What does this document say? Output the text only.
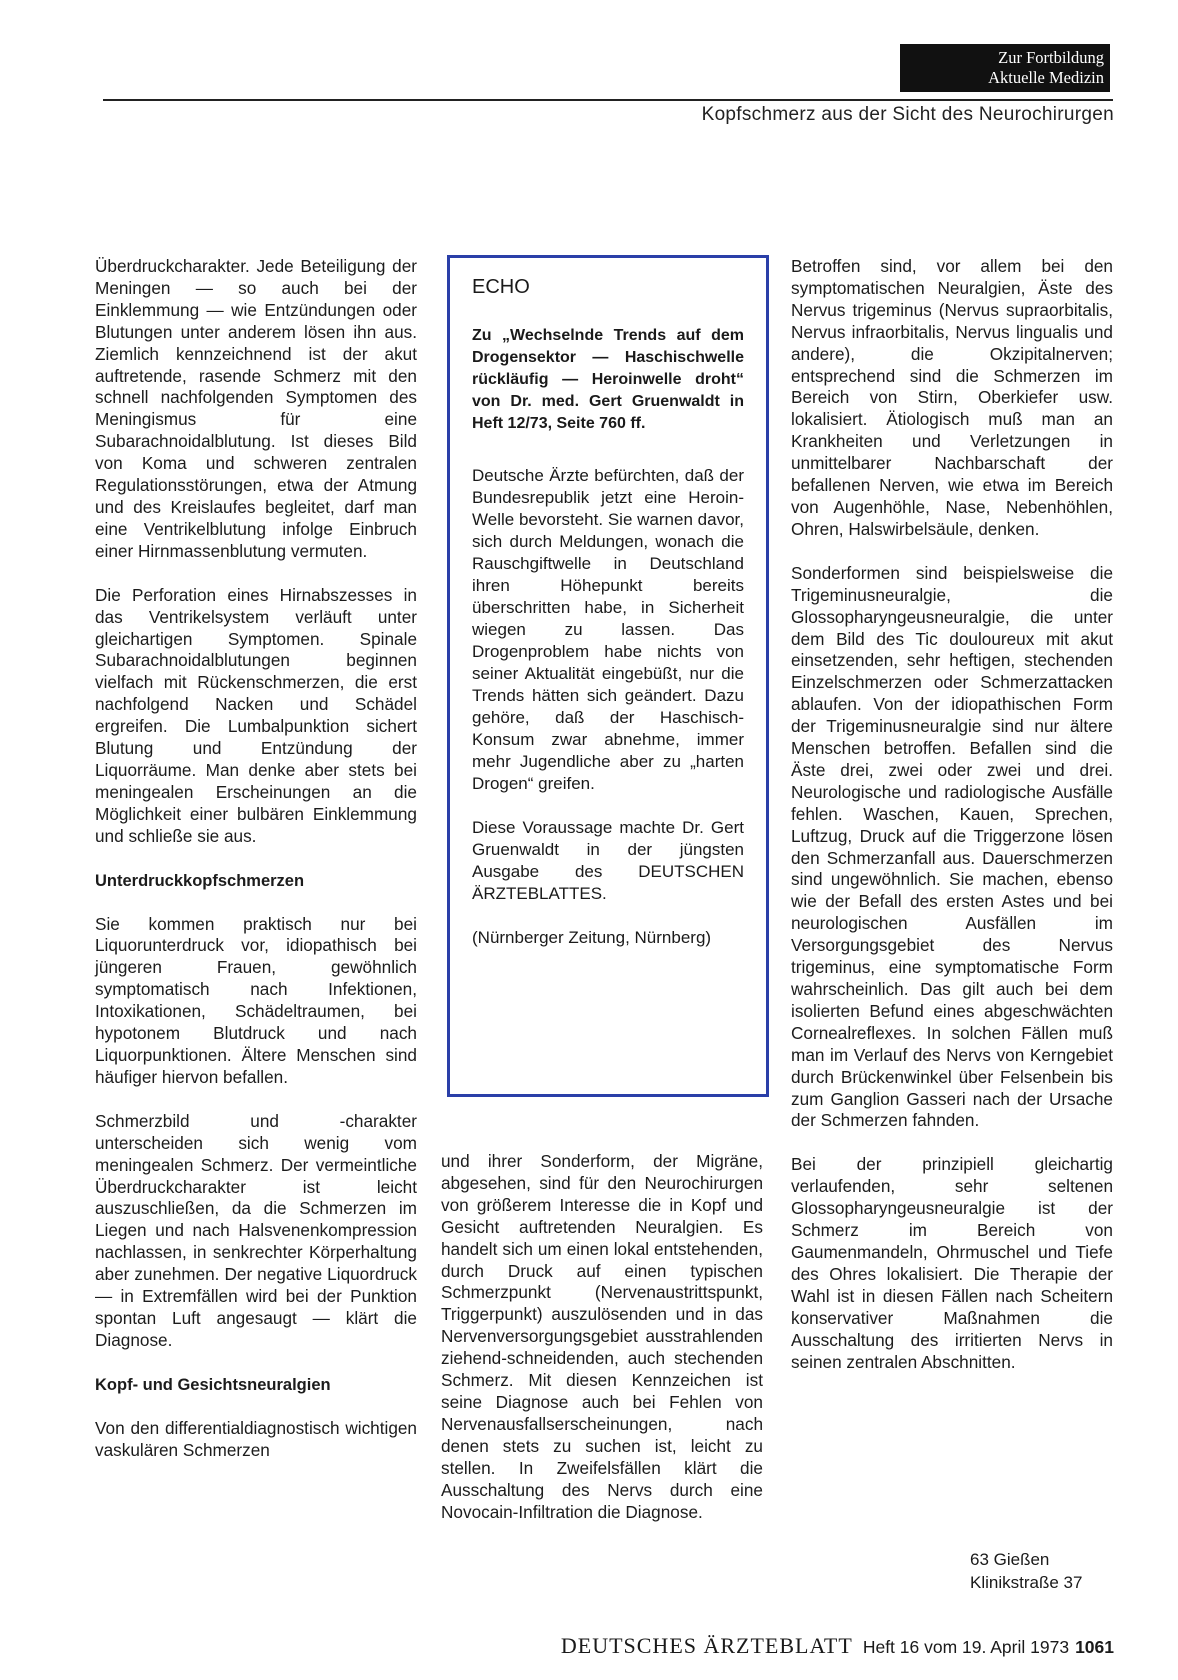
Zur Fortbildung
Aktuelle Medizin
Kopfschmerz aus der Sicht des Neurochirurgen

Überdruckcharakter. Jede Beteiligung der Meningen — so auch bei der Einklemmung — wie Entzündungen oder Blutungen unter anderem lösen ihn aus. Ziemlich kennzeichnend ist der akut auftretende, rasende Schmerz mit den schnell nachfolgenden Symptomen des Meningismus für eine Subarachnoidalblutung. Ist dieses Bild von Koma und schweren zentralen Regulationsstörungen, etwa der Atmung und des Kreislaufes begleitet, darf man eine Ventrikelblutung infolge Einbruch einer Hirnmassenblutung vermuten.

Die Perforation eines Hirnabszesses in das Ventrikelsystem verläuft unter gleichartigen Symptomen. Spinale Subarachnoidalblutungen beginnen vielfach mit Rückenschmerzen, die erst nachfolgend Nacken und Schädel ergreifen. Die Lumbalpunktion sichert Blutung und Entzündung der Liquorräume. Man denke aber stets bei meningealen Erscheinungen an die Möglichkeit einer bulbären Einklemmung und schließe sie aus.

Unterdruckkopfschmerzen

Sie kommen praktisch nur bei Liquorunterdruck vor, idiopathisch bei jüngeren Frauen, gewöhnlich symptomatisch nach Infektionen, Intoxikationen, Schädeltraumen, bei hypotonem Blutdruck und nach Liquorpunktionen. Ältere Menschen sind häufiger hiervon befallen.

Schmerzbild und -charakter unterscheiden sich wenig vom meningealen Schmerz. Der vermeintliche Überdruckcharakter ist leicht auszuschließen, da die Schmerzen im Liegen und nach Halsvenenkompression nachlassen, in senkrechter Körperhaltung aber zunehmen. Der negative Liquordruck — in Extremfällen wird bei der Punktion spontan Luft angesaugt — klärt die Diagnose.

Kopf- und Gesichtsneuralgien

Von den differentialdiagnostisch wichtigen vaskulären Schmerzen

ECHO
Zu „Wechselnde Trends auf dem Drogensektor — Haschischwelle rückläufig — Heroinwelle droht“ von Dr. med. Gert Gruenwaldt in Heft 12/73, Seite 760 ff.

Deutsche Ärzte befürchten, daß der Bundesrepublik jetzt eine Heroin-Welle bevorsteht. Sie warnen davor, sich durch Meldungen, wonach die Rauschgiftwelle in Deutschland ihren Höhepunkt bereits überschritten habe, in Sicherheit wiegen zu lassen. Das Drogenproblem habe nichts von seiner Aktualität eingebüßt, nur die Trends hätten sich geändert. Dazu gehöre, daß der Haschisch-Konsum zwar abnehme, immer mehr Jugendliche aber zu „harten Drogen“ greifen.

Diese Voraussage machte Dr. Gert Gruenwaldt in der jüngsten Ausgabe des DEUTSCHEN ÄRZTEBLATTES.

(Nürnberger Zeitung, Nürnberg)

und ihrer Sonderform, der Migräne, abgesehen, sind für den Neurochirurgen von größerem Interesse die in Kopf und Gesicht auftretenden Neuralgien. Es handelt sich um einen lokal entstehenden, durch Druck auf einen typischen Schmerzpunkt (Nervenaustrittspunkt, Triggerpunkt) auszulösenden und in das Nervenversorgungsgebiet ausstrahlenden ziehend-schneidenden, auch stechenden Schmerz. Mit diesen Kennzeichen ist seine Diagnose auch bei Fehlen von Nervenausfallserscheinungen, nach denen stets zu suchen ist, leicht zu stellen. In Zweifelsfällen klärt die Ausschaltung des Nervs durch eine Novocain-Infiltration die Diagnose.

Betroffen sind, vor allem bei den symptomatischen Neuralgien, Äste des Nervus trigeminus (Nervus supraorbitalis, Nervus infraorbitalis, Nervus lingualis und andere), die Okzipitalnerven; entsprechend sind die Schmerzen im Bereich von Stirn, Oberkiefer usw. lokalisiert. Ätiologisch muß man an Krankheiten und Verletzungen in unmittelbarer Nachbarschaft der befallenen Nerven, wie etwa im Bereich von Augenhöhle, Nase, Nebenhöhlen, Ohren, Halswirbelsäule, denken.

Sonderformen sind beispielsweise die Trigeminusneuralgie, die Glossopharyngeusneuralgie, die unter dem Bild des Tic douloureux mit akut einsetzenden, sehr heftigen, stechenden Einzelschmerzen oder Schmerzattacken ablaufen. Von der idiopathischen Form der Trigeminusneuralgie sind nur ältere Menschen betroffen. Befallen sind die Äste drei, zwei oder zwei und drei. Neurologische und radiologische Ausfälle fehlen. Waschen, Kauen, Sprechen, Luftzug, Druck auf die Triggerzone lösen den Schmerzanfall aus. Dauerschmerzen sind ungewöhnlich. Sie machen, ebenso wie der Befall des ersten Astes und bei neurologischen Ausfällen im Versorgungsgebiet des Nervus trigeminus, eine symptomatische Form wahrscheinlich. Das gilt auch bei dem isolierten Befund eines abgeschwächten Cornealreflexes. In solchen Fällen muß man im Verlauf des Nervs von Kerngebiet durch Brückenwinkel über Felsenbein bis zum Ganglion Gasseri nach der Ursache der Schmerzen fahnden.

Bei der prinzipiell gleichartig verlaufenden, sehr seltenen Glossopharyngeusneuralgie ist der Schmerz im Bereich von Gaumenmandeln, Ohrmuschel und Tiefe des Ohres lokalisiert. Die Therapie der Wahl ist in diesen Fällen nach Scheitern konservativer Maßnahmen die Ausschaltung des irritierten Nervs in seinen zentralen Abschnitten.

63 Gießen
Klinikstraße 37
DEUTSCHES ÄRZTEBLATT Heft 16 vom 19. April 1973 1061
